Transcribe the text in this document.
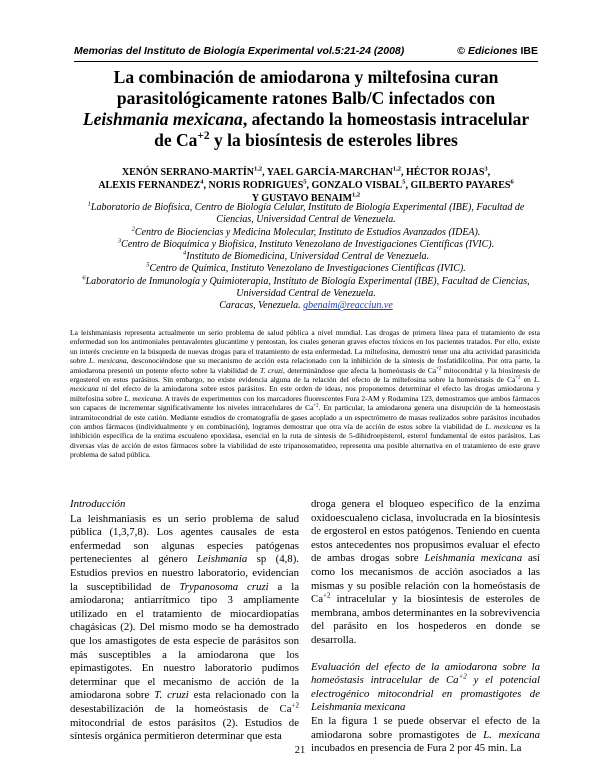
Memorias del Instituto de Biología Experimental vol.5:21-24 (2008)	© Ediciones IBE
La combinación de amiodarona y miltefosina curan parasitológicamente ratones Balb/C infectados con Leishmania mexicana, afectando la homeostasis intracelular de $Ca^{+2}$ y la biosíntesis de esteroles libres
XENÓN SERRANO-MARTÍN$^{1,2}$, YAEL GARCÍA-MARCHAN$^{1,2}$, HÉCTOR ROJAS$^3$,
ALEXIS FERNANDEZ$^4$, NORIS RODRIGUES$^5$, GONZALO VISBAL$^5$, GILBERTO PAYARES$^6$
Y GUSTAVO BENAIM$^{1,2}$
$^1$Laboratorio de Biofísica, Centro de Biología Celular, Instituto de Biología Experimental (IBE), Facultad de Ciencias, Universidad Central de Venezuela.
$^2$Centro de Biociencias y Medicina Molecular, Instituto de Estudios Avanzados (IDEA).
$^3$Centro de Bioquímica y Biofísica, Instituto Venezolano de Investigaciones Científicas (IVIC).
$^4$Instituto de Biomedicina, Universidad Central de Venezuela.
$^5$Centro de Química, Instituto Venezolano de Investigaciones Científicas (IVIC).
$^6$Laboratorio de Inmunología y Quimioterapia, Instituto de Biología Experimental (IBE), Facultad de Ciencias, Universidad Central de Venezuela.
Caracas, Venezuela. gbenaim@reacciun.ve
La leishmaniasis representa actualmente un serio problema de salud pública a nivel mundial. Las drogas de primera línea para el tratamiento de esta enfermedad son los antimoniales pentavalentes glucantime y pentostan, los cuales generan graves efectos tóxicos en los pacientes tratados. Por ello, existe un interés creciente en la búsqueda de nuevas drogas para el tratamiento de esta enfermedad. La miltefosina, demostró tener una alta actividad parasiticida sobre L. mexicana, desconociéndose que su mecanismo de acción esta relacionado con la inhibición de la síntesis de fosfatidilcolina. Por otra parte, la amiodarona presentó un potente efecto sobre la viabilidad de T. cruzi, determinándose que afecta la homeóstasis de $Ca^{+2}$ mitocondrial y la biosíntesis de ergosterol en estos parásitos. Sin embargo, no existe evidencia alguna de la relación del efecto de la miltefosina sobre la homeóstasis de $Ca^{+2}$ en L. mexicana ni del efecto de la amiodarona sobre estos parásitos. En este orden de ideas, nos proponemos determinar el efecto las drogas amiodarona y miltefosina sobre L. mexicana. A través de experimentos con los marcadores fluorescentes Fura 2-AM y Rodamina 123, demostramos que ambos fármacos son capaces de incrementar significativamente los niveles intracelulares de $Ca^{+2}$. En particular, la amiodarona genera una disrupción de la homeostasis intramitocondrial de este catión. Mediante estudios de cromatografía de gases acoplado a un espectrómetro de masas realizados sobre parásitos incubados con ambos fármacos (individualmente y en combinación), logramos demostrar que otra vía de acción de estos sobre la viabilidad de L. mexicana es la inhibición específica de la enzima escualeno epoxidasa, esencial en la ruta de síntesis de 5-dihidroepisterol, esterol fundamental de estos parásitos. Las diversas vías de acción de estos fármacos sobre la viabilidad de este tripanosomatideo, representa una posible alternativa en el tratamiento de este grave problema de salud pública.
Introducción

La leishmaniasis es un serio problema de salud pública (1,3,7,8). Los agentes causales de esta enfermedad son algunas especies patógenas pertenecientes al género Leishmania sp (4,8). Estudios previos en nuestro laboratorio, evidencian la susceptibilidad de Trypanosoma cruzi a la amiodarona; antiarrítmico tipo 3 ampliamente utilizado en el tratamiento de miocardiopatías chagásicas (2). Del mismo modo se ha demostrado que los amastigotes de esta especie de parásitos son más susceptibles a la amiodarona que los epimastigotes. En nuestro laboratorio pudimos determinar que el mecanismo de acción de la amiodarona sobre T. cruzi esta relacionado con la desestabilización de la homeóstasis de $Ca^{+2}$ mitocondrial de estos parásitos (2). Estudios de síntesis orgánica permitieron determinar que esta

droga genera el bloqueo específico de la enzima oxidoescualeno ciclasa, involucrada en la biosíntesis de ergosterol en estos patógenos. Teniendo en cuenta estos antecedentes nos propusimos evaluar el efecto de ambas drogas sobre Leishmania mexicana así como los mecanismos de acción asociados a las mismas y su posible relación con la homeóstasis de $Ca^{+2}$ intracelular y la biosíntesis de esteroles de membrana, ambos determinantes en la sobrevivencia del parásito en los hospederos en donde se desarrolla.

Evaluación del efecto de la amiodarona sobre la homeóstasis intracelular de $Ca^{+2}$ y el potencial electrogénico mitocondrial en promastigotes de Leishmania mexicana

En la figura 1 se puede observar el efecto de la amiodarona sobre promastigotes de L. mexicana incubados en presencia de Fura 2 por 45 min. La

21
